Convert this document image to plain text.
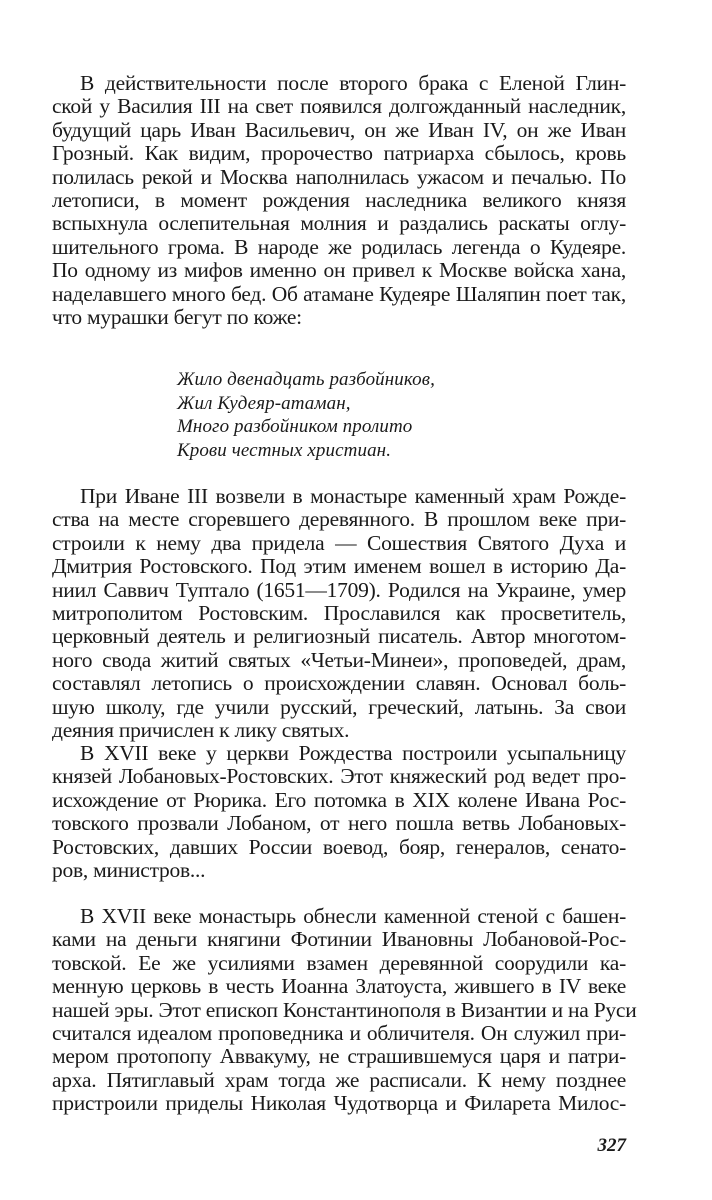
В действительности после второго брака с Еленой Глин-
ской у Василия III на свет появился долгожданный наследник,
будущий царь Иван Васильевич, он же Иван IV, он же Иван
Грозный. Как видим, пророчество патриарха сбылось, кровь
полилась рекой и Москва наполнилась ужасом и печалью. По
летописи, в момент рождения наследника великого князя
вспыхнула ослепительная молния и раздались раскаты оглу-
шительного грома. В народе же родилась легенда о Кудеяре.
По одному из мифов именно он привел к Москве войска хана,
наделавшего много бед. Об атамане Кудеяре Шаляпин поет так,
что мурашки бегут по коже:
Жило двенадцать разбойников,
Жил Кудеяр-атаман,
Много разбойником пролито
Крови честных христиан.
При Иване III возвели в монастыре каменный храм Рожде-
ства на месте сгоревшего деревянного. В прошлом веке при-
строили к нему два придела — Сошествия Святого Духа и
Дмитрия Ростовского. Под этим именем вошел в историю Да-
ниил Саввич Туптало (1651—1709). Родился на Украине, умер
митрополитом Ростовским. Прославился как просветитель,
церковный деятель и религиозный писатель. Автор многотом-
ного свода житий святых «Четьи-Минеи», проповедей, драм,
составлял летопись о происхождении славян. Основал боль-
шую школу, где учили русский, греческий, латынь. За свои
деяния причислен к лику святых.
В XVII веке у церкви Рождества построили усыпальницу
князей Лобановых-Ростовских. Этот княжеский род ведет про-
исхождение от Рюрика. Его потомка в XIX колене Ивана Рос-
товского прозвали Лобаном, от него пошла ветвь Лобановых-
Ростовских, давших России воевод, бояр, генералов, сенато-
ров, министров...
В XVII веке монастырь обнесли каменной стеной с башен-
ками на деньги княгини Фотинии Ивановны Лобановой-Рос-
товской. Ее же усилиями взамен деревянной соорудили ка-
менную церковь в честь Иоанна Златоуста, жившего в IV веке
нашей эры. Этот епископ Константинополя в Византии и на Руси
считался идеалом проповедника и обличителя. Он служил при-
мером протопопу Аввакуму, не страшившемуся царя и патри-
арха. Пятиглавый храм тогда же расписали. К нему позднее
пристроили приделы Николая Чудотворца и Филарета Милос-
327
